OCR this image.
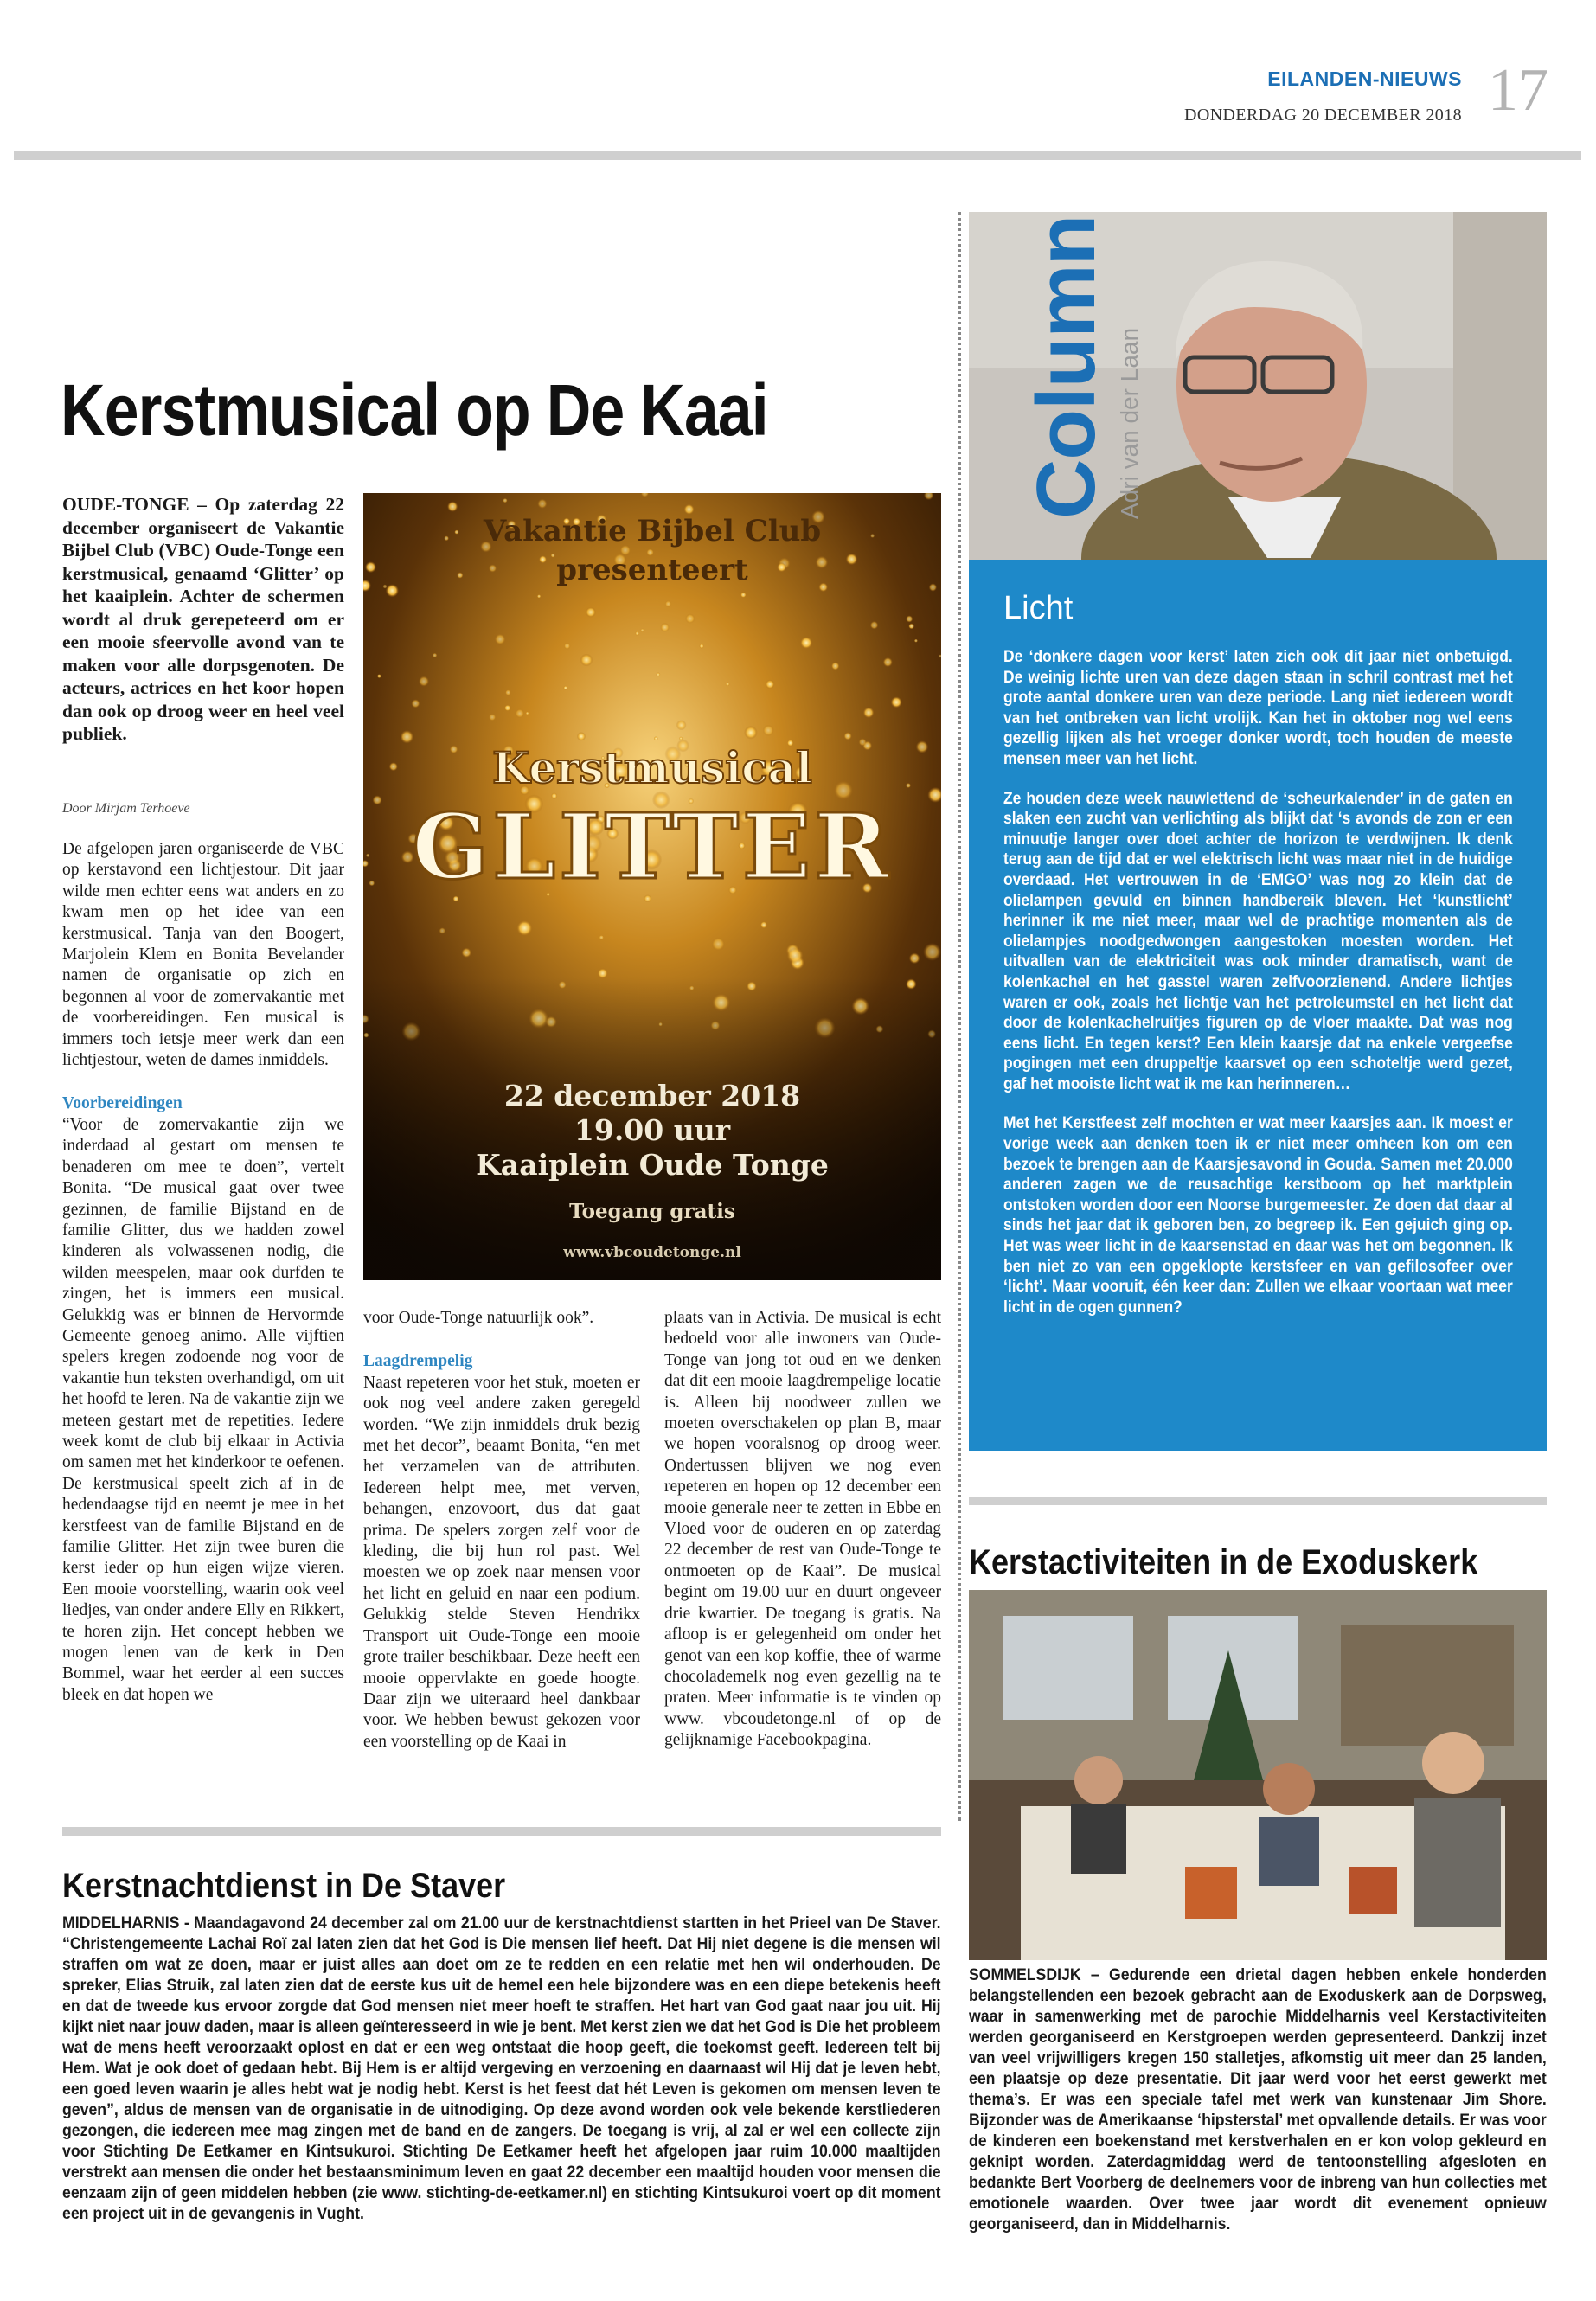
EILANDEN-NIEUWS
DONDERDAG 20 DECEMBER 2018 17
Kerstmusical op De Kaai
OUDE-TONGE – Op zaterdag 22 december organiseert de Vakantie Bijbel Club (VBC) Oude-Tonge een kerstmusical, genaamd ‘Glitter’ op het kaaiplein. Achter de schermen wordt al druk gerepeteerd om er een mooie sfeervolle avond van te maken voor alle dorpsgenoten. De acteurs, actrices en het koor hopen dan ook op droog weer en heel veel publiek.
Door Mirjam Terhoeve

De afgelopen jaren organiseerde de VBC op kerstavond een lichtjestour. Dit jaar wilde men echter eens wat anders en zo kwam men op het idee van een kerstmusical. Tanja van den Boogert, Marjolein Klem en Bonita Bevelander namen de organisatie op zich en begonnen al voor de zomervakantie met de voorbereidingen. Een musical is immers toch ietsje meer werk dan een lichtjestour, weten de dames inmiddels.

Voorbereidingen
“Voor de zomervakantie zijn we inderdaad al gestart om mensen te benaderen om mee te doen”, vertelt Bonita. “De musical gaat over twee gezinnen, de familie Bijstand en de familie Glitter, dus we hadden zowel kinderen als volwassenen nodig, die wilden meespelen, maar ook durfden te zingen, het is immers een musical. Gelukkig was er binnen de Hervormde Gemeente genoeg animo. Alle vijftien spelers kregen zodoende nog voor de vakantie hun teksten overhandigd, om uit het hoofd te leren. Na de vakantie zijn we meteen gestart met de repetities. Iedere week komt de club bij elkaar in Activia om samen met het kinderkoor te oefenen. De kerstmusical speelt zich af in de hedendaagse tijd en neemt je mee in het kerstfeest van de familie Bijstand en de familie Glitter. Het zijn twee buren die kerst ieder op hun eigen wijze vieren. Een mooie voorstelling, waarin ook veel liedjes, van onder andere Elly en Rikkert, te horen zijn. Het concept hebben we mogen lenen van de kerk in Den Bommel, waar het eerder al een succes bleek en dat hopen we

voor Oude-Tonge natuurlijk ook”.

Laagdrempelig
Naast repeteren voor het stuk, moeten er ook nog veel andere zaken geregeld worden. “We zijn inmiddels druk bezig met het decor”, beaamt Bonita, “en met het verzamelen van de attributen. Iedereen helpt mee, met verven, behangen, enzovoort, dus dat gaat prima. De spelers zorgen zelf voor de kleding, die bij hun rol past. Wel moesten we op zoek naar mensen voor het licht en geluid en naar een podium. Gelukkig stelde Steven Hendrikx Transport uit Oude-Tonge een mooie grote trailer beschikbaar. Deze heeft een mooie oppervlakte en goede hoogte. Daar zijn we uiteraard heel dankbaar voor. We hebben bewust gekozen voor een voorstelling op de Kaai in

plaats van in Activia. De musical is echt bedoeld voor alle inwoners van Oude-Tonge van jong tot oud en we denken dat dit een mooie laagdrempelige locatie is. Alleen bij noodweer zullen we moeten overschakelen op plan B, maar we hopen vooralsnog op droog weer. Ondertussen blijven we nog even repeteren en hopen op 12 december een mooie generale neer te zetten in Ebbe en Vloed voor de ouderen en op zaterdag 22 december de rest van Oude-Tonge te ontmoeten op de Kaai”. De musical begint om 19.00 uur en duurt ongeveer drie kwartier. De toegang is gratis. Na afloop is er gelegenheid om onder het genot van een kop koffie, thee of warme chocolademelk nog even gezellig na te praten. Meer informatie is te vinden op www. vbcoudetonge.nl of op de gelijknamige Facebookpagina.

Vakantie Bijbel Club
presenteert
Kerstmusical
GLITTER
22 december 2018
19.00 uur
Kaaiplein Oude Tonge
Toegang gratis
www.vbcoudetonge.nl
Column Adri van der Laan
Licht

De ‘donkere dagen voor kerst’ laten zich ook dit jaar niet onbetuigd. De weinig lichte uren van deze dagen staan in schril contrast met het grote aantal donkere uren van deze periode. Lang niet iedereen wordt van het ontbreken van licht vrolijk. Kan het in oktober nog wel eens gezellig lijken als het vroeger donker wordt, toch houden de meeste mensen meer van het licht.

Ze houden deze week nauwlettend de ‘scheurkalender’ in de gaten en slaken een zucht van verlichting als blijkt dat ‘s avonds de zon er een minuutje langer over doet achter de horizon te verdwijnen. Ik denk terug aan de tijd dat er wel elektrisch licht was maar niet in de huidige overdaad. Het vertrouwen in de ‘EMGO’ was nog zo klein dat de olielampen gevuld en binnen handbereik bleven. Het ‘kunstlicht’ herinner ik me niet meer, maar wel de prachtige momenten als de olielampjes noodgedwongen aangestoken moesten worden. Het uitvallen van de elektriciteit was ook minder dramatisch, want de kolenkachel en het gasstel waren zelfvoorzienend. Andere lichtjes waren er ook, zoals het lichtje van het petroleumstel en het licht dat door de kolenkachelruitjes figuren op de vloer maakte. Dat was nog eens licht. En tegen kerst? Een klein kaarsje dat na enkele vergeefse pogingen met een druppeltje kaarsvet op een schoteltje werd gezet, gaf het mooiste licht wat ik me kan herinneren…

Met het Kerstfeest zelf mochten er wat meer kaarsjes aan. Ik moest er vorige week aan denken toen ik er niet meer omheen kon om een bezoek te brengen aan de Kaarsjesavond in Gouda. Samen met 20.000 anderen zagen we de reusachtige kerstboom op het marktplein ontstoken worden door een Noorse burgemeester. Ze doen dat daar al sinds het jaar dat ik geboren ben, zo begreep ik. Een gejuich ging op. Het was weer licht in de kaarsenstad en daar was het om begonnen. Ik ben niet zo van een opgeklopte kerstsfeer en van gefilosofeer over ‘licht’. Maar vooruit, één keer dan: Zullen we elkaar voortaan wat meer licht in de ogen gunnen?

Kerstactiviteiten in de Exoduskerk
SOMMELSDIJK – Gedurende een drietal dagen hebben enkele honderden belangstellenden een bezoek gebracht aan de Exoduskerk aan de Dorpsweg, waar in samenwerking met de parochie Middelharnis veel Kerstactiviteiten werden georganiseerd en Kerstgroepen werden gepresenteerd. Dankzij inzet van veel vrijwilligers kregen 150 stalletjes, afkomstig uit meer dan 25 landen, een plaatsje op deze presentatie. Dit jaar werd voor het eerst gewerkt met thema’s. Er was een speciale tafel met werk van kunstenaar Jim Shore. Bijzonder was de Amerikaanse ‘hipsterstal’ met opvallende details. Er was voor de kinderen een boekenstand met kerstverhalen en er kon volop gekleurd en geknipt worden. Zaterdagmiddag werd de tentoonstelling afgesloten en bedankte Bert Voorberg de deelnemers voor de inbreng van hun collecties met emotionele waarden. Over twee jaar wordt dit evenement opnieuw georganiseerd, dan in Middelharnis.
Kerstnachtdienst in De Staver
MIDDELHARNIS - Maandagavond 24 december zal om 21.00 uur de kerstnachtdienst startten in het Prieel van De Staver. “Christengemeente Lachai Roï zal laten zien dat het God is Die mensen lief heeft. Dat Hij niet degene is die mensen wil straffen om wat ze doen, maar er juist alles aan doet om ze te redden en een relatie met hen wil onderhouden. De spreker, Elias Struik, zal laten zien dat de eerste kus uit de hemel een hele bijzondere was en een diepe betekenis heeft en dat de tweede kus ervoor zorgde dat God mensen niet meer hoeft te straffen. Het hart van God gaat naar jou uit. Hij kijkt niet naar jouw daden, maar is alleen geïnteresseerd in wie je bent. Met kerst zien we dat het God is Die het probleem wat de mens heeft veroorzaakt oplost en dat er een weg ontstaat die hoop geeft, die toekomst geeft. Iedereen telt bij Hem. Wat je ook doet of gedaan hebt. Bij Hem is er altijd vergeving en verzoening en daarnaast wil Hij dat je leven hebt, een goed leven waarin je alles hebt wat je nodig hebt. Kerst is het feest dat hét Leven is gekomen om mensen leven te geven”, aldus de mensen van de organisatie in de uitnodiging. Op deze avond worden ook vele bekende kerstliederen gezongen, die iedereen mee mag zingen met de band en de zangers. De toegang is vrij, al zal er wel een collecte zijn voor Stichting De Eetkamer en Kintsukuroi. Stichting De Eetkamer heeft het afgelopen jaar ruim 10.000 maaltijden verstrekt aan mensen die onder het bestaansminimum leven en gaat 22 december een maaltijd houden voor mensen die eenzaam zijn of geen middelen hebben (zie www. stichting-de-eetkamer.nl) en stichting Kintsukuroi voert op dit moment een project uit in de gevangenis in Vught.
